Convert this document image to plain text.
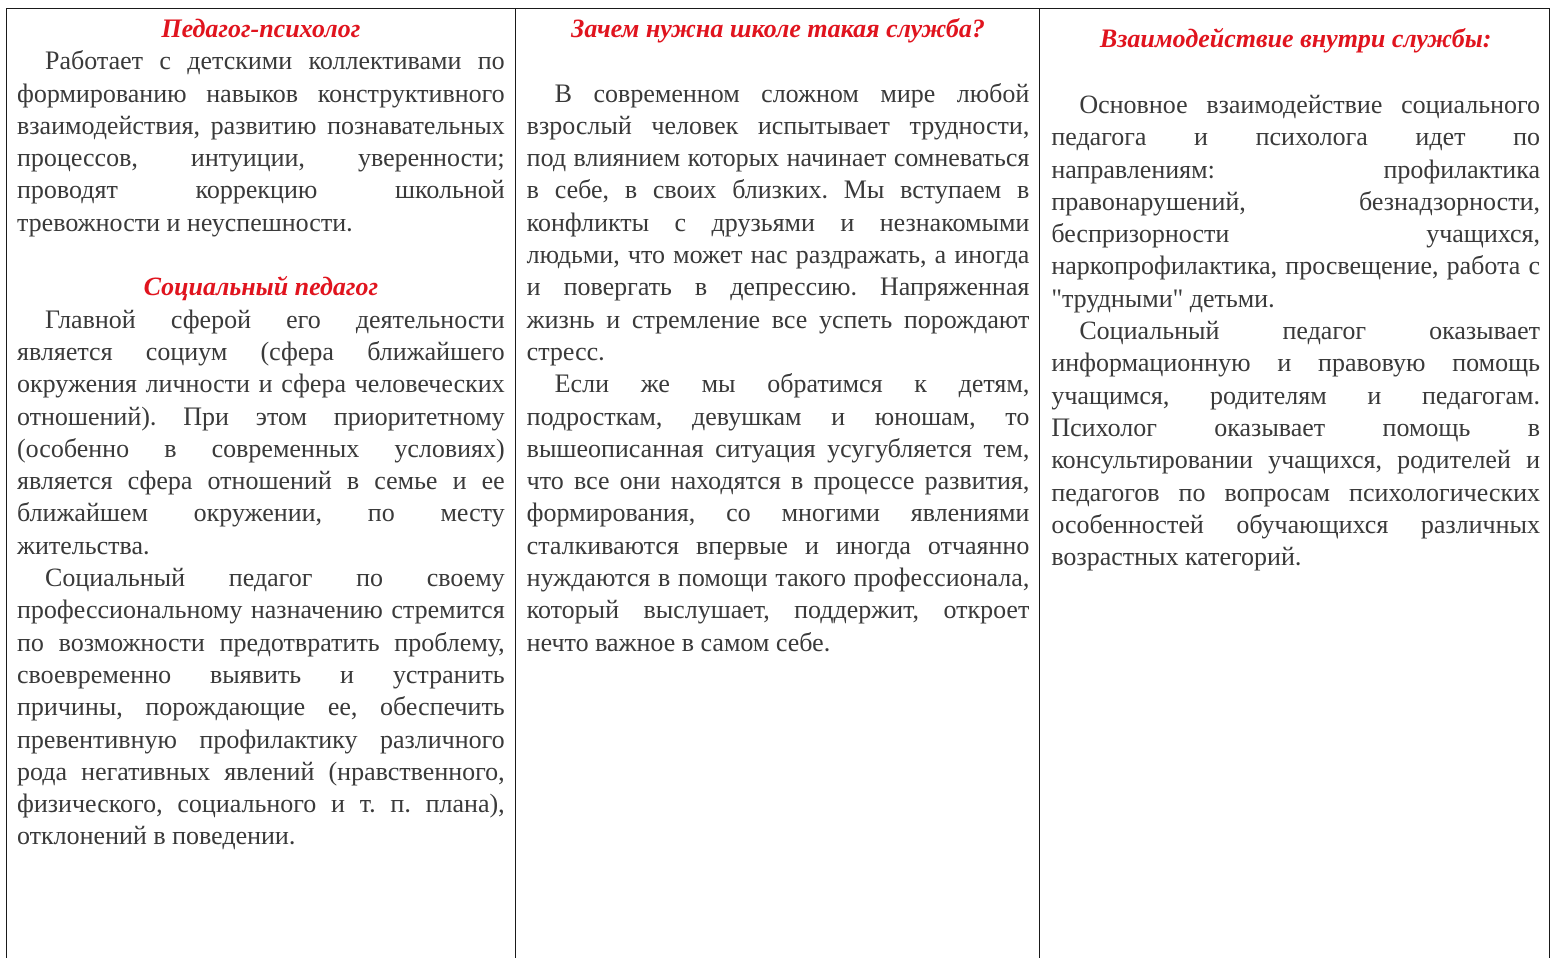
Педагог-психолог

Работает с детскими коллективами по формированию навыков конструктивного взаимодействия, развитию познавательных процессов, интуиции, уверенности; проводят коррекцию школьной тревожности и неуспешности.

Социальный педагог

Главной сферой его деятельности является социум (сфера ближайшего окружения личности и сфера человеческих отношений). При этом приоритетному (особенно в современных условиях) является сфера отношений в семье и ее ближайшем окружении, по месту жительства.

Социальный педагог по своему профессиональному назначению стремится по возможности предотвратить проблему, своевременно выявить и устранить причины, порождающие ее, обеспечить превентивную профилактику различного рода негативных явлений (нравственного, физического, социального и т. п. плана), отклонений в поведении.

Зачем нужна школе такая служба?

В современном сложном мире любой взрослый человек испытывает трудности, под влиянием которых начинает сомневаться в себе, в своих близких. Мы вступаем в конфликты с друзьями и незнакомыми людьми, что может нас раздражать, а иногда и повергать в депрессию. Напряженная жизнь и стремление все успеть порождают стресс.

Если же мы обратимся к детям, подросткам, девушкам и юношам, то вышеописанная ситуация усугубляется тем, что все они находятся в процессе развития, формирования, со многими явлениями сталкиваются впервые и иногда отчаянно нуждаются в помощи такого профессионала, который выслушает, поддержит, откроет нечто важное в самом себе.

Взаимодействие внутри службы:

Основное взаимодействие социального педагога и психолога идет по направлениям: профилактика правонарушений, безнадзорности, беспризорности учащихся, наркопрофилактика, просвещение, работа с "трудными" детьми.

Социальный педагог оказывает информационную и правовую помощь учащимся, родителям и педагогам. Психолог оказывает помощь в консультировании учащихся, родителей и педагогов по вопросам психологических особенностей обучающихся различных возрастных категорий.
